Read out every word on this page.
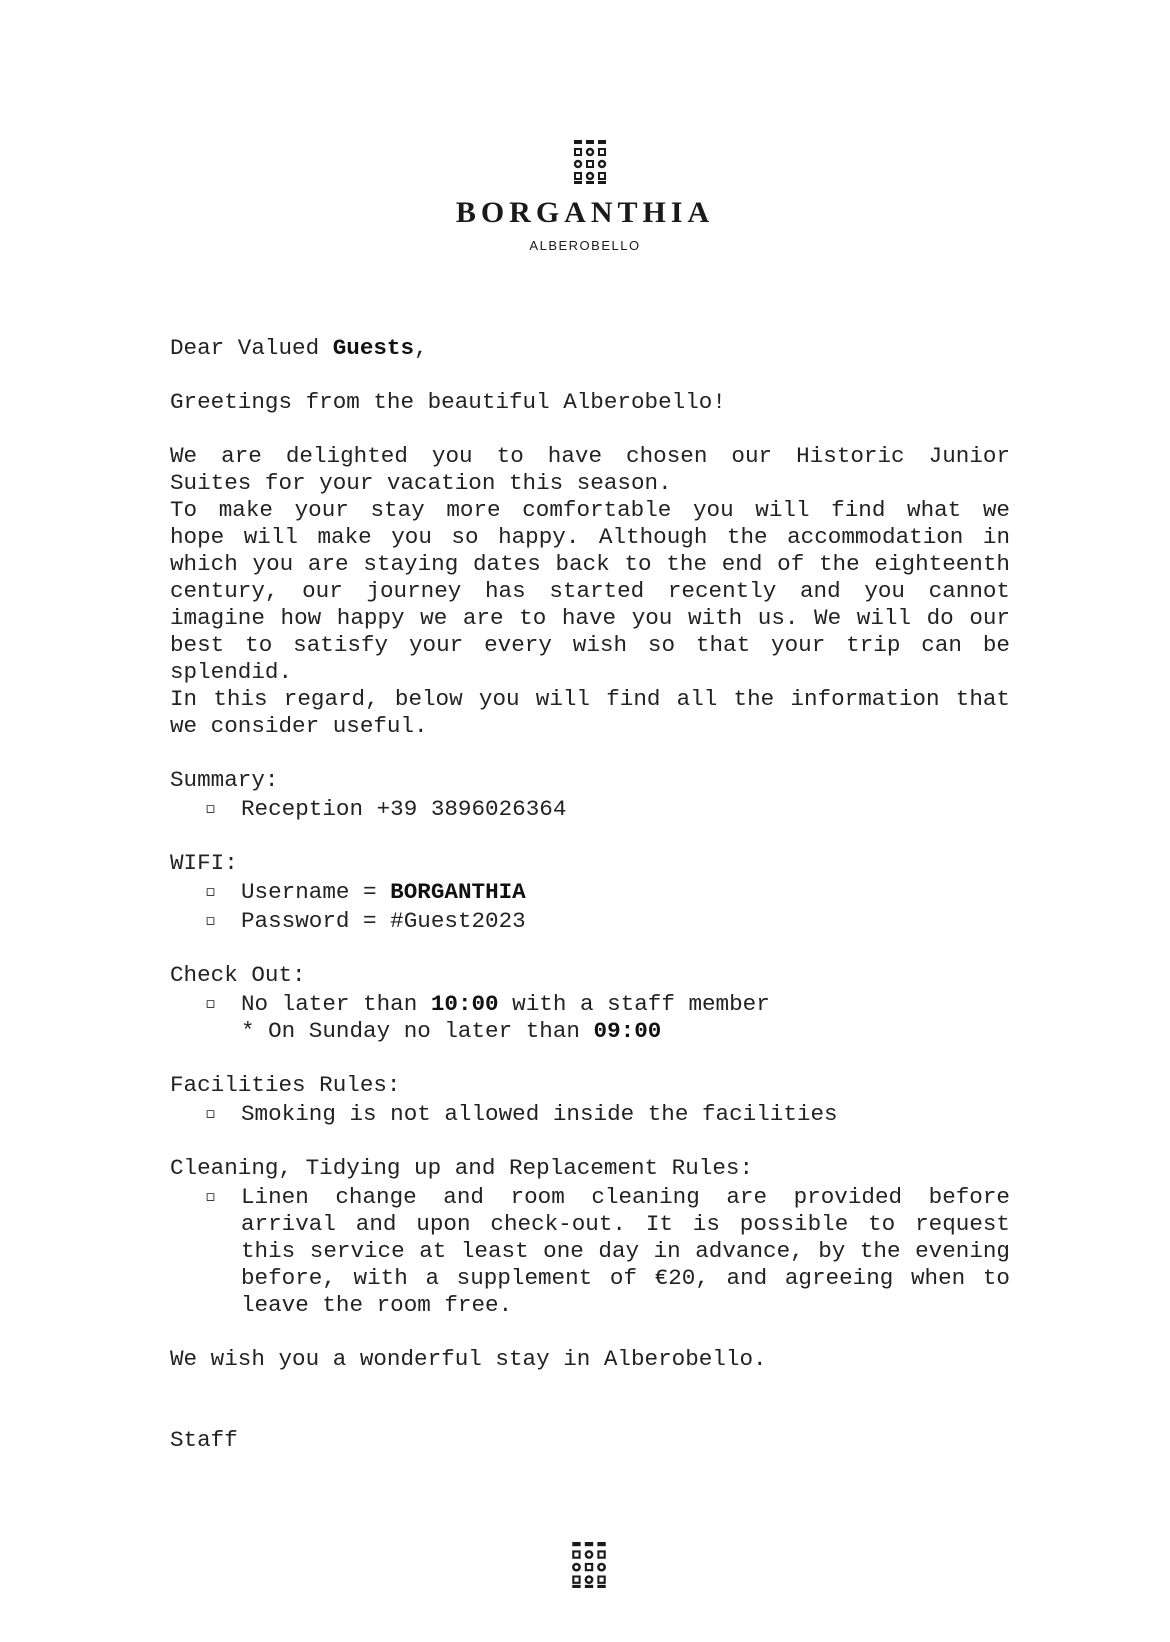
BORGANTHIA
ALBEROBELLO

Dear Valued Guests,

Greetings from the beautiful Alberobello!

We are delighted you to have chosen our Historic Junior

Suites for your vacation this season.

To make your stay more comfortable you will find what we

hope will make you so happy. Although the accommodation in

which you are staying dates back to the end of the eighteenth

century, our journey has started recently and you cannot

imagine how happy we are to have you with us. We will do our

best to satisfy your every wish so that your trip can be

splendid.

In this regard, below you will find all the information that

we consider useful.

Summary:

◻	Reception +39 3896026364

WIFI:

◻	Username = BORGANTHIA
◻	Password = #Guest2023

Check Out:

◻	No later than 10:00 with a staff member

* On Sunday no later than 09:00

Facilities Rules:

◻	Smoking is not allowed inside the facilities

Cleaning, Tidying up and Replacement Rules:

◻	Linen change and room cleaning are provided before

arrival and upon check-out. It is possible to request

this service at least one day in advance, by the evening

before, with a supplement of €20, and agreeing when to

leave the room free.

We wish you a wonderful stay in Alberobello.

Staff
